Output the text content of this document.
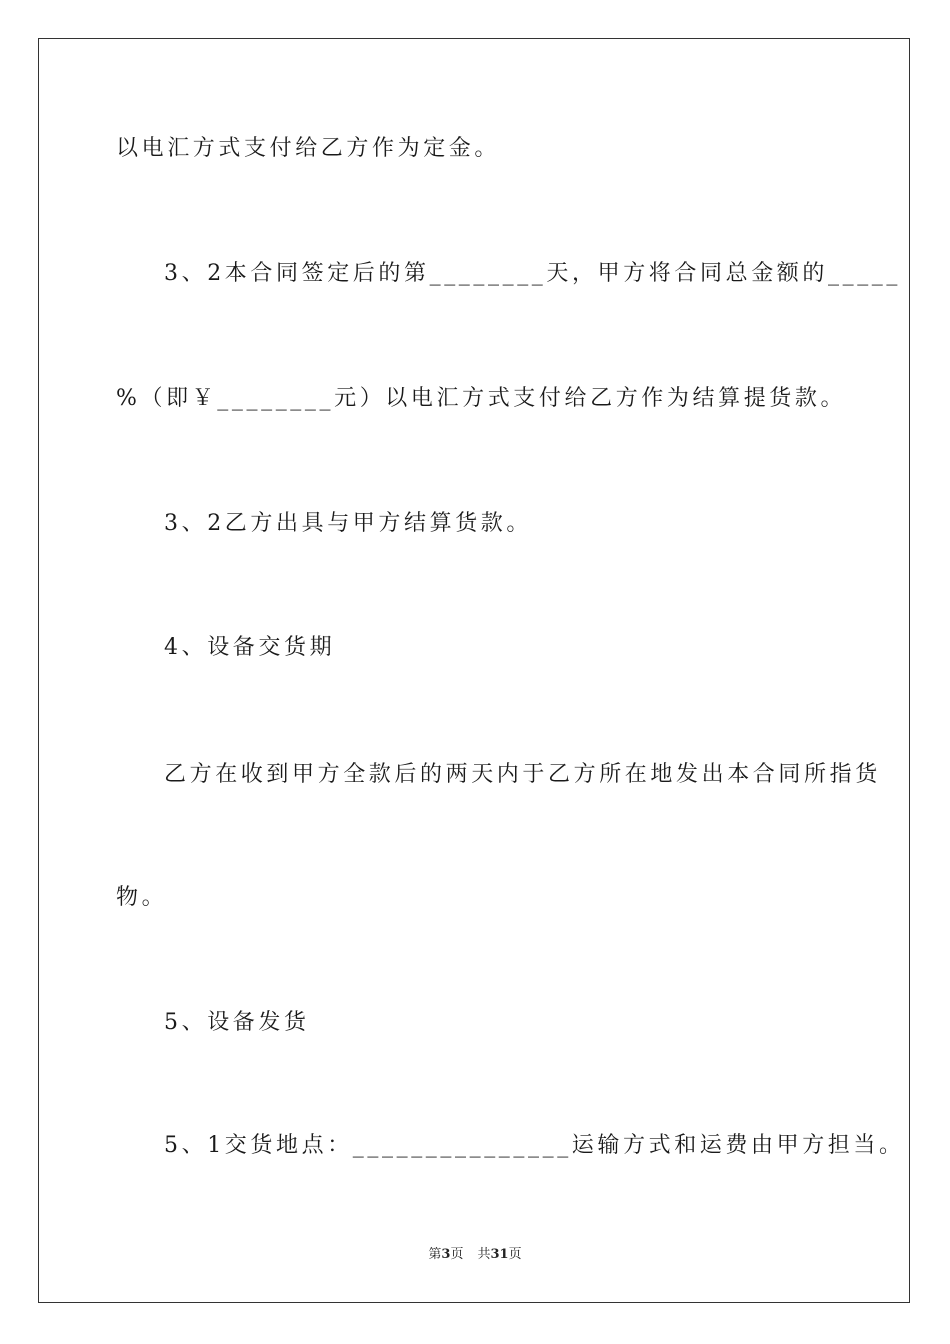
以电汇方式支付给乙方作为定金。
3、2本合同签定后的第________天，甲方将合同总金额的_____
%（即￥________元）以电汇方式支付给乙方作为结算提货款。
3、2乙方出具与甲方结算货款。
4、设备交货期
乙方在收到甲方全款后的两天内于乙方所在地发出本合同所指货
物。
5、设备发货
5、1交货地点：_______________运输方式和运费由甲方担当。
第3页 共31页
